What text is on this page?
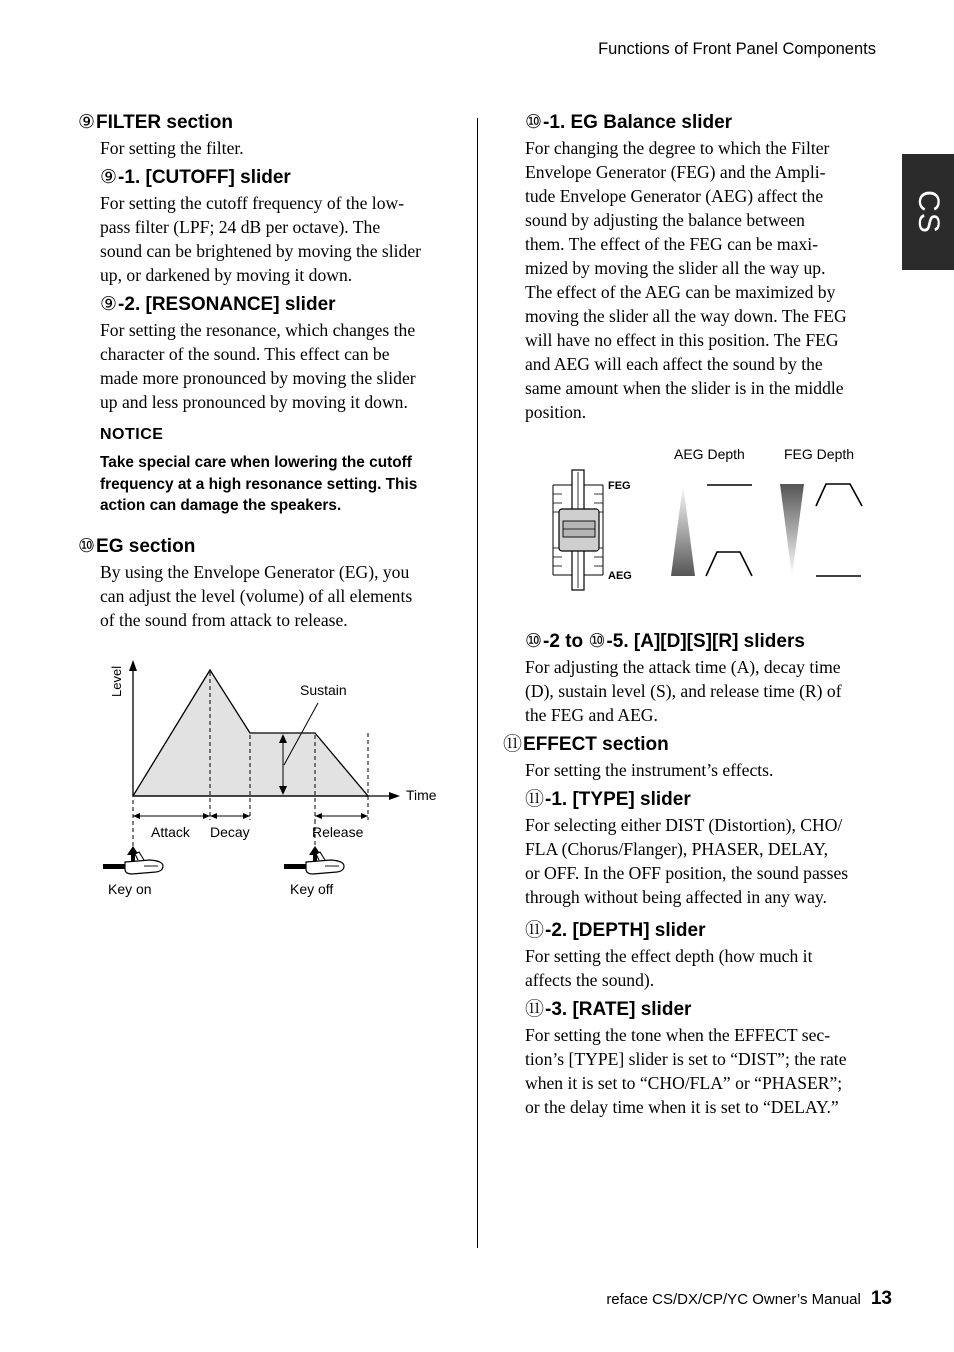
Functions of Front Panel Components
CS
⑨FILTER section

For setting the filter.

⑨-1. [CUTOFF] slider

For setting the cutoff frequency of the low-
pass filter (LPF; 24 dB per octave). The
sound can be brightened by moving the slider
up, or darkened by moving it down.

⑨-2. [RESONANCE] slider

For setting the resonance, which changes the
character of the sound. This effect can be
made more pronounced by moving the slider
up and less pronounced by moving it down.

NOTICE

Take special care when lowering the cutoff
frequency at a high resonance setting. This
action can damage the speakers.

⑩EG section

By using the Envelope Generator (EG), you
can adjust the level (volume) of all elements
of the sound from attack to release.

Level
Time
Sustain
Attack Decay	Release
Key on	Key off
⑩-1. EG Balance slider

For changing the degree to which the Filter
Envelope Generator (FEG) and the Ampli-
tude Envelope Generator (AEG) affect the
sound by adjusting the balance between
them. The effect of the FEG can be maxi-
mized by moving the slider all the way up.
The effect of the AEG can be maximized by
moving the slider all the way down. The FEG
will have no effect in this position. The FEG
and AEG will each affect the sound by the
same amount when the slider is in the middle
position.

FEG
AEG
AEG Depth	FEG Depth
⑩-2 to ⑩-5. [A][D][S][R] sliders

For adjusting the attack time (A), decay time
(D), sustain level (S), and release time (R) of
the FEG and AEG.

⑪EFFECT section

For setting the instrument’s effects.

⑪-1. [TYPE] slider

For selecting either DIST (Distortion), CHO/
FLA (Chorus/Flanger), PHASER, DELAY,
or OFF. In the OFF position, the sound passes
through without being affected in any way.

⑪-2. [DEPTH] slider

For setting the effect depth (how much it
affects the sound).

⑪-3. [RATE] slider

For setting the tone when the EFFECT sec-
tion’s [TYPE] slider is set to “DIST”; the rate
when it is set to “CHO/FLA” or “PHASER”;
or the delay time when it is set to “DELAY.”

reface CS/DX/CP/YC Owner’s Manual 13
